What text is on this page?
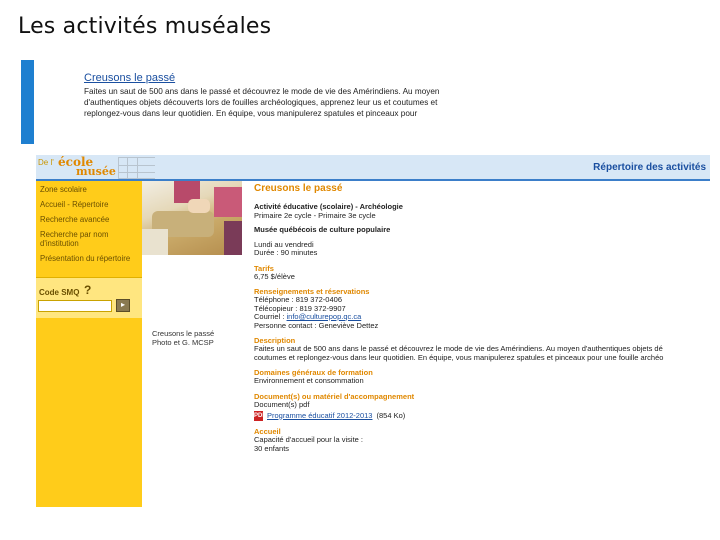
Les activités muséales
Creusons le passé
Faites un saut de 500 ans dans le passé et découvrez le mode de vie des Amérindiens. Au moyen
d'authentiques objets découverts lors de fouilles archéologiques, apprenez leur us et coutumes et
replongez-vous dans leur quotidien. En équipe, vous manipulerez spatules et pinceaux pour
De l' école
musée	Répertoire des activités
Zone scolaire
Accueil - Répertoire
Recherche avancée
Recherche par nom d'institution
Présentation du répertoire
Code SMQ ?
▸
Creusons le passé
Photo et G. MCSP
Creusons le passé
Activité éducative (scolaire) - Archéologie
Primaire 2e cycle - Primaire 3e cycle
Musée québécois de culture populaire
Lundi au vendredi
Durée : 90 minutes
Tarifs
6,75 $/élève
Renseignements et réservations
Téléphone : 819 372-0406
Télécopieur : 819 372-9907
Courriel : info@culturepop.qc.ca
Personne contact : Geneviève Dettez
Description
Faites un saut de 500 ans dans le passé et découvrez le mode de vie des Amérindiens. Au moyen d'authentiques objets dé
coutumes et replongez-vous dans leur quotidien. En équipe, vous manipulerez spatules et pinceaux pour une fouille archéo
Domaines généraux de formation
Environnement et consommation
Document(s) ou matériel d'accompagnement
Document(s) pdf
PDF Programme éducatif 2012-2013 (854 Ko)
Accueil
Capacité d'accueil pour la visite :
30 enfants
